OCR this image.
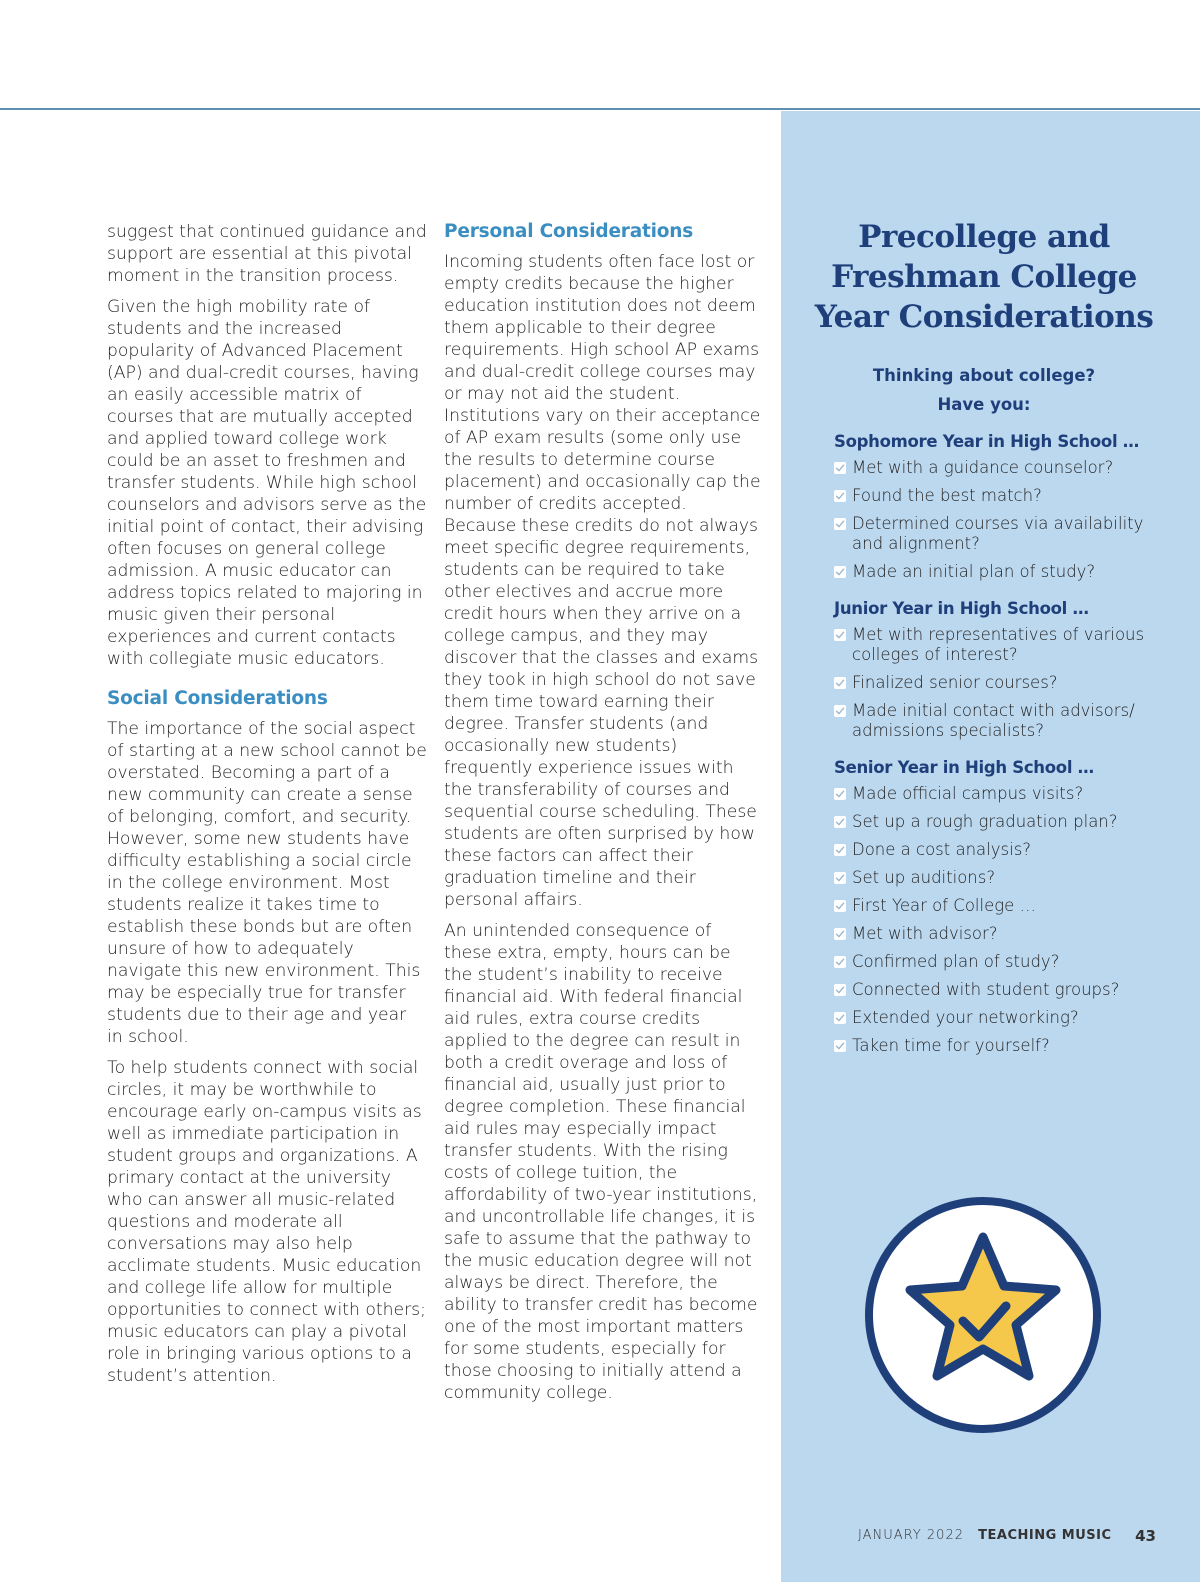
suggest that continued guidance and support are essential at this pivotal moment in the transition process.

Given the high mobility rate of students and the increased popularity of Advanced Placement (AP) and dual-credit courses, having an easily accessible matrix of courses that are mutually accepted and applied toward college work could be an asset to freshmen and transfer students. While high school counselors and advisors serve as the initial point of contact, their advising often focuses on general college admission. A music educator can address topics related to majoring in music given their personal experiences and current contacts with collegiate music educators.

Social Considerations

The importance of the social aspect of starting at a new school cannot be overstated. Becoming a part of a new community can create a sense of belonging, comfort, and security. However, some new students have difficulty establishing a social circle in the college environment. Most students realize it takes time to establish these bonds but are often unsure of how to adequately navigate this new environment. This may be especially true for transfer students due to their age and year in school.

To help students connect with social circles, it may be worthwhile to encourage early on-campus visits as well as immediate participation in student groups and organizations. A primary contact at the university who can answer all music-related questions and moderate all conversations may also help acclimate students. Music education and college life allow for multiple opportunities to connect with others; music educators can play a pivotal role in bringing various options to a student’s attention.

Personal Considerations

Incoming students often face lost or empty credits because the higher education institution does not deem them applicable to their degree requirements. High school AP exams and dual-credit college courses may or may not aid the student. Institutions vary on their acceptance of AP exam results (some only use the results to determine course placement) and occasionally cap the number of credits accepted. Because these credits do not always meet specific degree requirements, students can be required to take other electives and accrue more credit hours when they arrive on a college campus, and they may discover that the classes and exams they took in high school do not save them time toward earning their degree. Transfer students (and occasionally new students) frequently experience issues with the transferability of courses and sequential course scheduling. These students are often surprised by how these factors can affect their graduation timeline and their personal affairs.

An unintended consequence of these extra, empty, hours can be the student’s inability to receive financial aid. With federal financial aid rules, extra course credits applied to the degree can result in both a credit overage and loss of financial aid, usually just prior to degree completion. These financial aid rules may especially impact transfer students. With the rising costs of college tuition, the affordability of two-year institutions, and uncontrollable life changes, it is safe to assume that the pathway to the music education degree will not always be direct. Therefore, the ability to transfer credit has become one of the most important matters for some students, especially for those choosing to initially attend a community college.

Precollege and
Freshman College
Year Considerations
Thinking about college?
Have you:
Sophomore Year in High School …
Met with a guidance counselor?
Found the best match?
Determined courses via availability and alignment?
Made an initial plan of study?
Junior Year in High School …
Met with representatives of various colleges of interest?
Finalized senior courses?
Made initial contact with advisors/ admissions specialists?
Senior Year in High School …
Made official campus visits?
Set up a rough graduation plan?
Done a cost analysis?
Set up auditions?
First Year of College …
Met with advisor?
Confirmed plan of study?
Connected with student groups?
Extended your networking?
Taken time for yourself?
JANUARY 2022 TEACHING MUSIC 43
